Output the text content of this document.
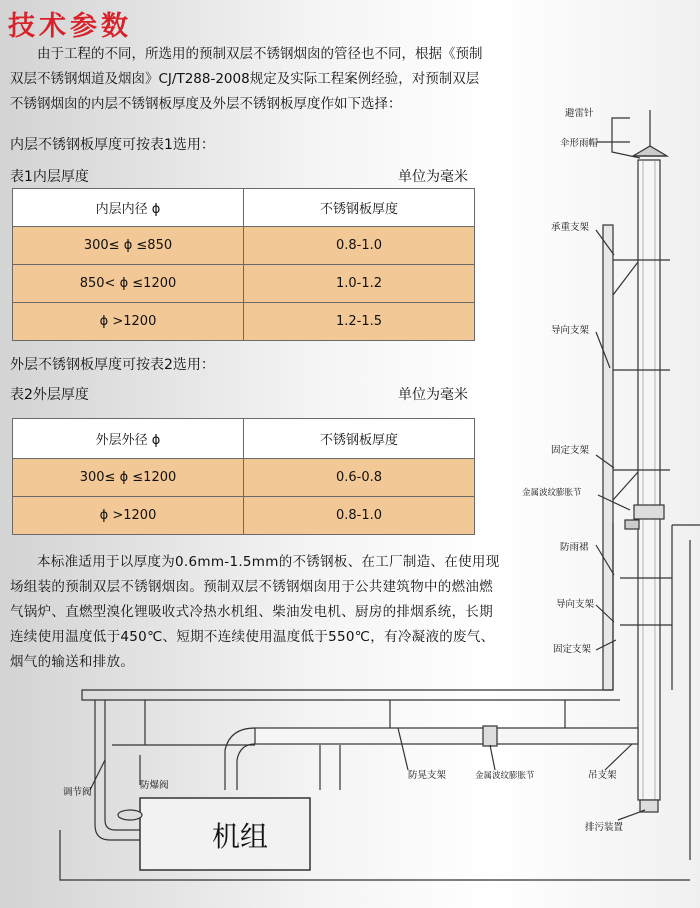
技术参数
由于工程的不同，所选用的预制双层不锈钢烟囱的管径也不同，根据《预制双层不锈钢烟道及烟囱》CJ/T288-2008规定及实际工程案例经验，对预制双层不锈钢烟囱的内层不锈钢板厚度及外层不锈钢板厚度作如下选择：
内层不锈钢板厚度可按表1选用：
表1内层厚度	单位为毫米
内层内径 ϕ	不锈钢板厚度
300≤ ϕ ≤850	0.8-1.0
850< ϕ ≤1200	1.0-1.2
ϕ >1200	1.2-1.5
外层不锈钢板厚度可按表2选用：
表2外层厚度	单位为毫米
外层外径 ϕ	不锈钢板厚度
300≤ ϕ ≤1200	0.6-0.8
ϕ >1200	0.8-1.0
本标准适用于以厚度为0.6mm-1.5mm的不锈钢板、在工厂制造、在使用现场组装的预制双层不锈钢烟囱。预制双层不锈钢烟囱用于公共建筑物中的燃油燃气锅炉、直燃型溴化锂吸收式冷热水机组、柴油发电机、厨房的排烟系统，长期连续使用温度低于450℃、短期不连续使用温度低于550℃，有冷凝液的废气、烟气的输送和排放。
避雷针
伞形雨帽
承重支架
导向支架
固定支架
金属波纹膨胀节
防雨裙
导向支架
固定支架
防晃支架	金属波纹膨胀节	吊支架
排污装置
调节阀
防爆阀
机组
